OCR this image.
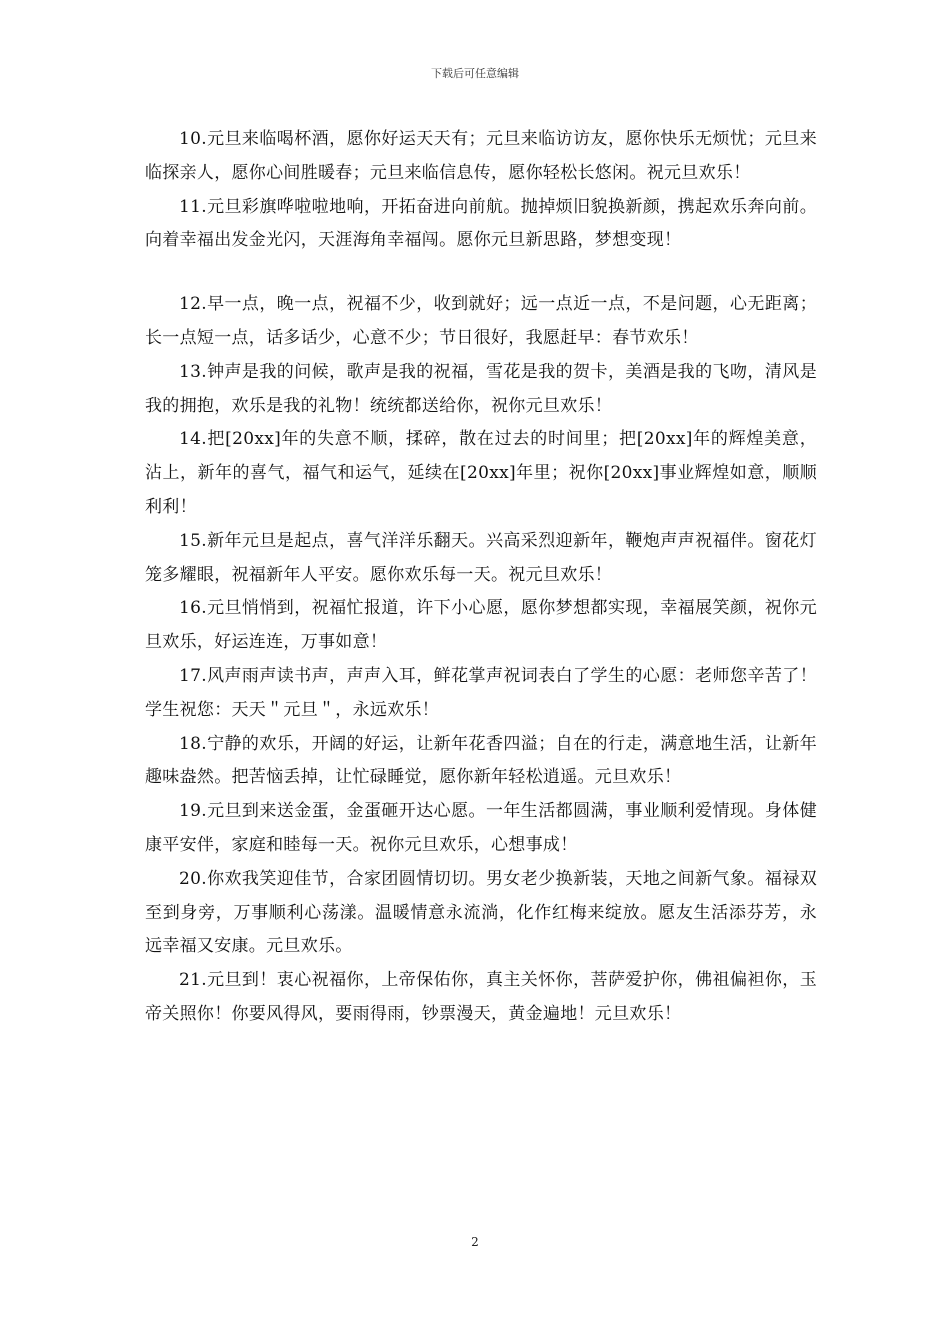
下载后可任意编辑

10.元旦来临喝杯酒，愿你好运天天有；元旦来临访访友，愿你快乐无烦忧；元旦来临探亲人，愿你心间胜暖春；元旦来临信息传，愿你轻松长悠闲。祝元旦欢乐！

11.元旦彩旗哗啦啦地响，开拓奋进向前航。抛掉烦旧貌换新颜，携起欢乐奔向前。向着幸福出发金光闪，天涯海角幸福闯。愿你元旦新思路，梦想变现！

12.早一点，晚一点，祝福不少，收到就好；远一点近一点，不是问题，心无距离；长一点短一点，话多话少，心意不少；节日很好，我愿赶早：春节欢乐！

13.钟声是我的问候，歌声是我的祝福，雪花是我的贺卡，美酒是我的飞吻，清风是我的拥抱，欢乐是我的礼物！统统都送给你，祝你元旦欢乐！

14.把[20xx]年的失意不顺，揉碎，散在过去的时间里；把[20xx]年的辉煌美意，沾上，新年的喜气，福气和运气，延续在[20xx]年里；祝你[20xx]事业辉煌如意，顺顺利利！

15.新年元旦是起点，喜气洋洋乐翻天。兴高采烈迎新年，鞭炮声声祝福伴。窗花灯笼多耀眼，祝福新年人平安。愿你欢乐每一天。祝元旦欢乐！

16.元旦悄悄到，祝福忙报道，许下小心愿，愿你梦想都实现，幸福展笑颜，祝你元旦欢乐，好运连连，万事如意！

17.风声雨声读书声，声声入耳，鲜花掌声祝词表白了学生的心愿：老师您辛苦了！学生祝您：天天＂元旦＂，永远欢乐！

18.宁静的欢乐，开阔的好运，让新年花香四溢；自在的行走，满意地生活，让新年趣味盎然。把苦恼丢掉，让忙碌睡觉，愿你新年轻松逍遥。元旦欢乐！

19.元旦到来送金蛋，金蛋砸开达心愿。一年生活都圆满，事业顺利爱情现。身体健康平安伴，家庭和睦每一天。祝你元旦欢乐，心想事成！

20.你欢我笑迎佳节，合家团圆情切切。男女老少换新装，天地之间新气象。福禄双至到身旁，万事顺利心荡漾。温暖情意永流淌，化作红梅来绽放。愿友生活添芬芳，永远幸福又安康。元旦欢乐。

21.元旦到！衷心祝福你，上帝保佑你，真主关怀你，菩萨爱护你，佛祖偏袒你，玉帝关照你！你要风得风，要雨得雨，钞票漫天，黄金遍地！元旦欢乐！

2
